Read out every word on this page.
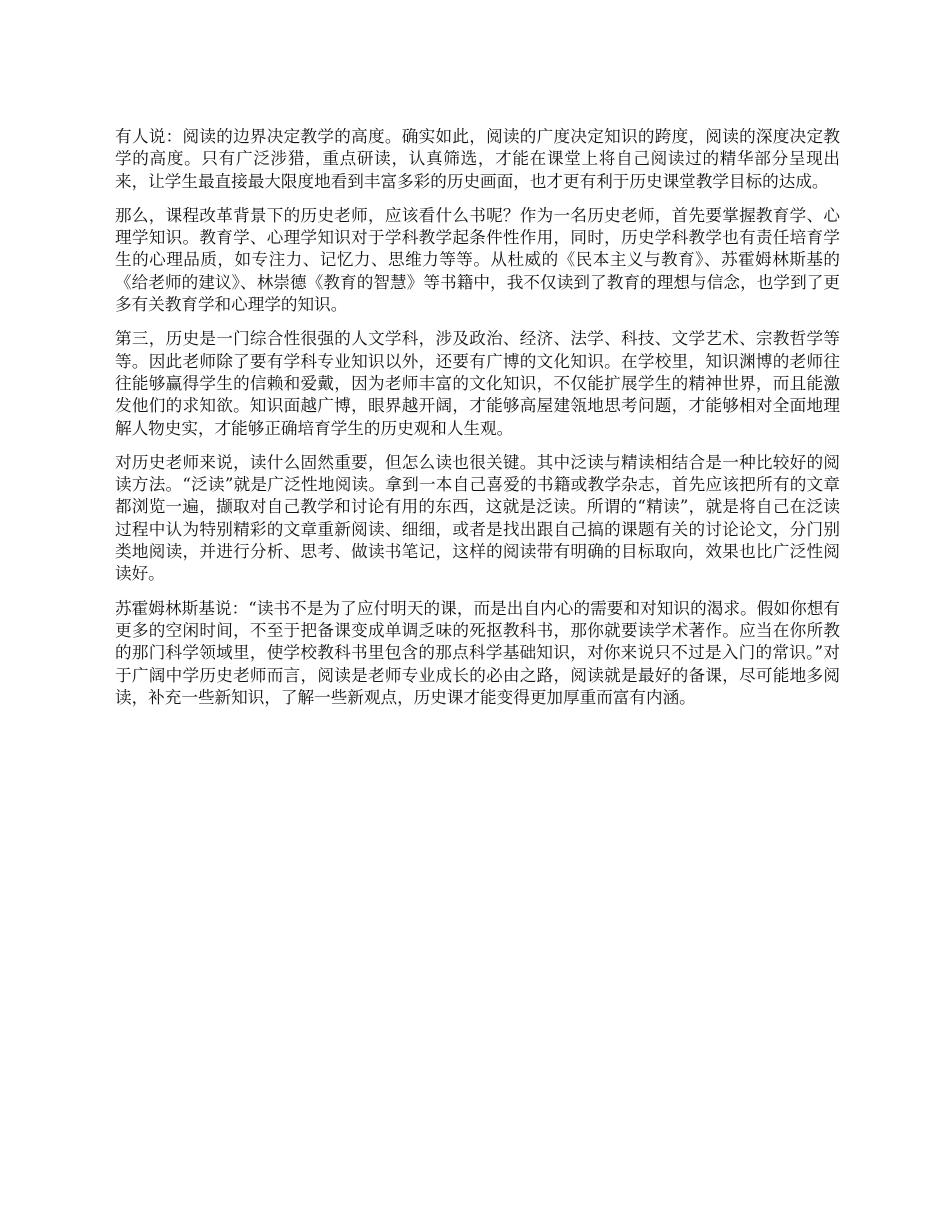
有人说：阅读的边界决定教学的高度。确实如此，阅读的广度决定知识的跨度，阅读的深度决定教学的高度。只有广泛涉猎，重点研读，认真筛选，才能在课堂上将自己阅读过的精华部分呈现出来，让学生最直接最大限度地看到丰富多彩的历史画面，也才更有利于历史课堂教学目标的达成。

那么，课程改革背景下的历史老师，应该看什么书呢？作为一名历史老师，首先要掌握教育学、心理学知识。教育学、心理学知识对于学科教学起条件性作用，同时，历史学科教学也有责任培育学生的心理品质，如专注力、记忆力、思维力等等。从杜威的《民本主义与教育》、苏霍姆林斯基的《给老师的建议》、林崇德《教育的智慧》等书籍中，我不仅读到了教育的理想与信念，也学到了更多有关教育学和心理学的知识。

第三，历史是一门综合性很强的人文学科，涉及政治、经济、法学、科技、文学艺术、宗教哲学等等。因此老师除了要有学科专业知识以外，还要有广博的文化知识。在学校里，知识渊博的老师往往能够赢得学生的信赖和爱戴，因为老师丰富的文化知识，不仅能扩展学生的精神世界，而且能激发他们的求知欲。知识面越广博，眼界越开阔，才能够高屋建瓴地思考问题，才能够相对全面地理解人物史实，才能够正确培育学生的历史观和人生观。

对历史老师来说，读什么固然重要，但怎么读也很关键。其中泛读与精读相结合是一种比较好的阅读方法。“泛读”就是广泛性地阅读。拿到一本自己喜爱的书籍或教学杂志，首先应该把所有的文章都浏览一遍，撷取对自己教学和讨论有用的东西，这就是泛读。所谓的“精读”，就是将自己在泛读过程中认为特别精彩的文章重新阅读、细细，或者是找出跟自己搞的课题有关的讨论论文，分门别类地阅读，并进行分析、思考、做读书笔记，这样的阅读带有明确的目标取向，效果也比广泛性阅读好。

苏霍姆林斯基说：“读书不是为了应付明天的课，而是出自内心的需要和对知识的渴求。假如你想有更多的空闲时间，不至于把备课变成单调乏味的死抠教科书，那你就要读学术著作。应当在你所教的那门科学领域里，使学校教科书里包含的那点科学基础知识，对你来说只不过是入门的常识。”对于广阔中学历史老师而言，阅读是老师专业成长的必由之路，阅读就是最好的备课，尽可能地多阅读，补充一些新知识，了解一些新观点，历史课才能变得更加厚重而富有内涵。
